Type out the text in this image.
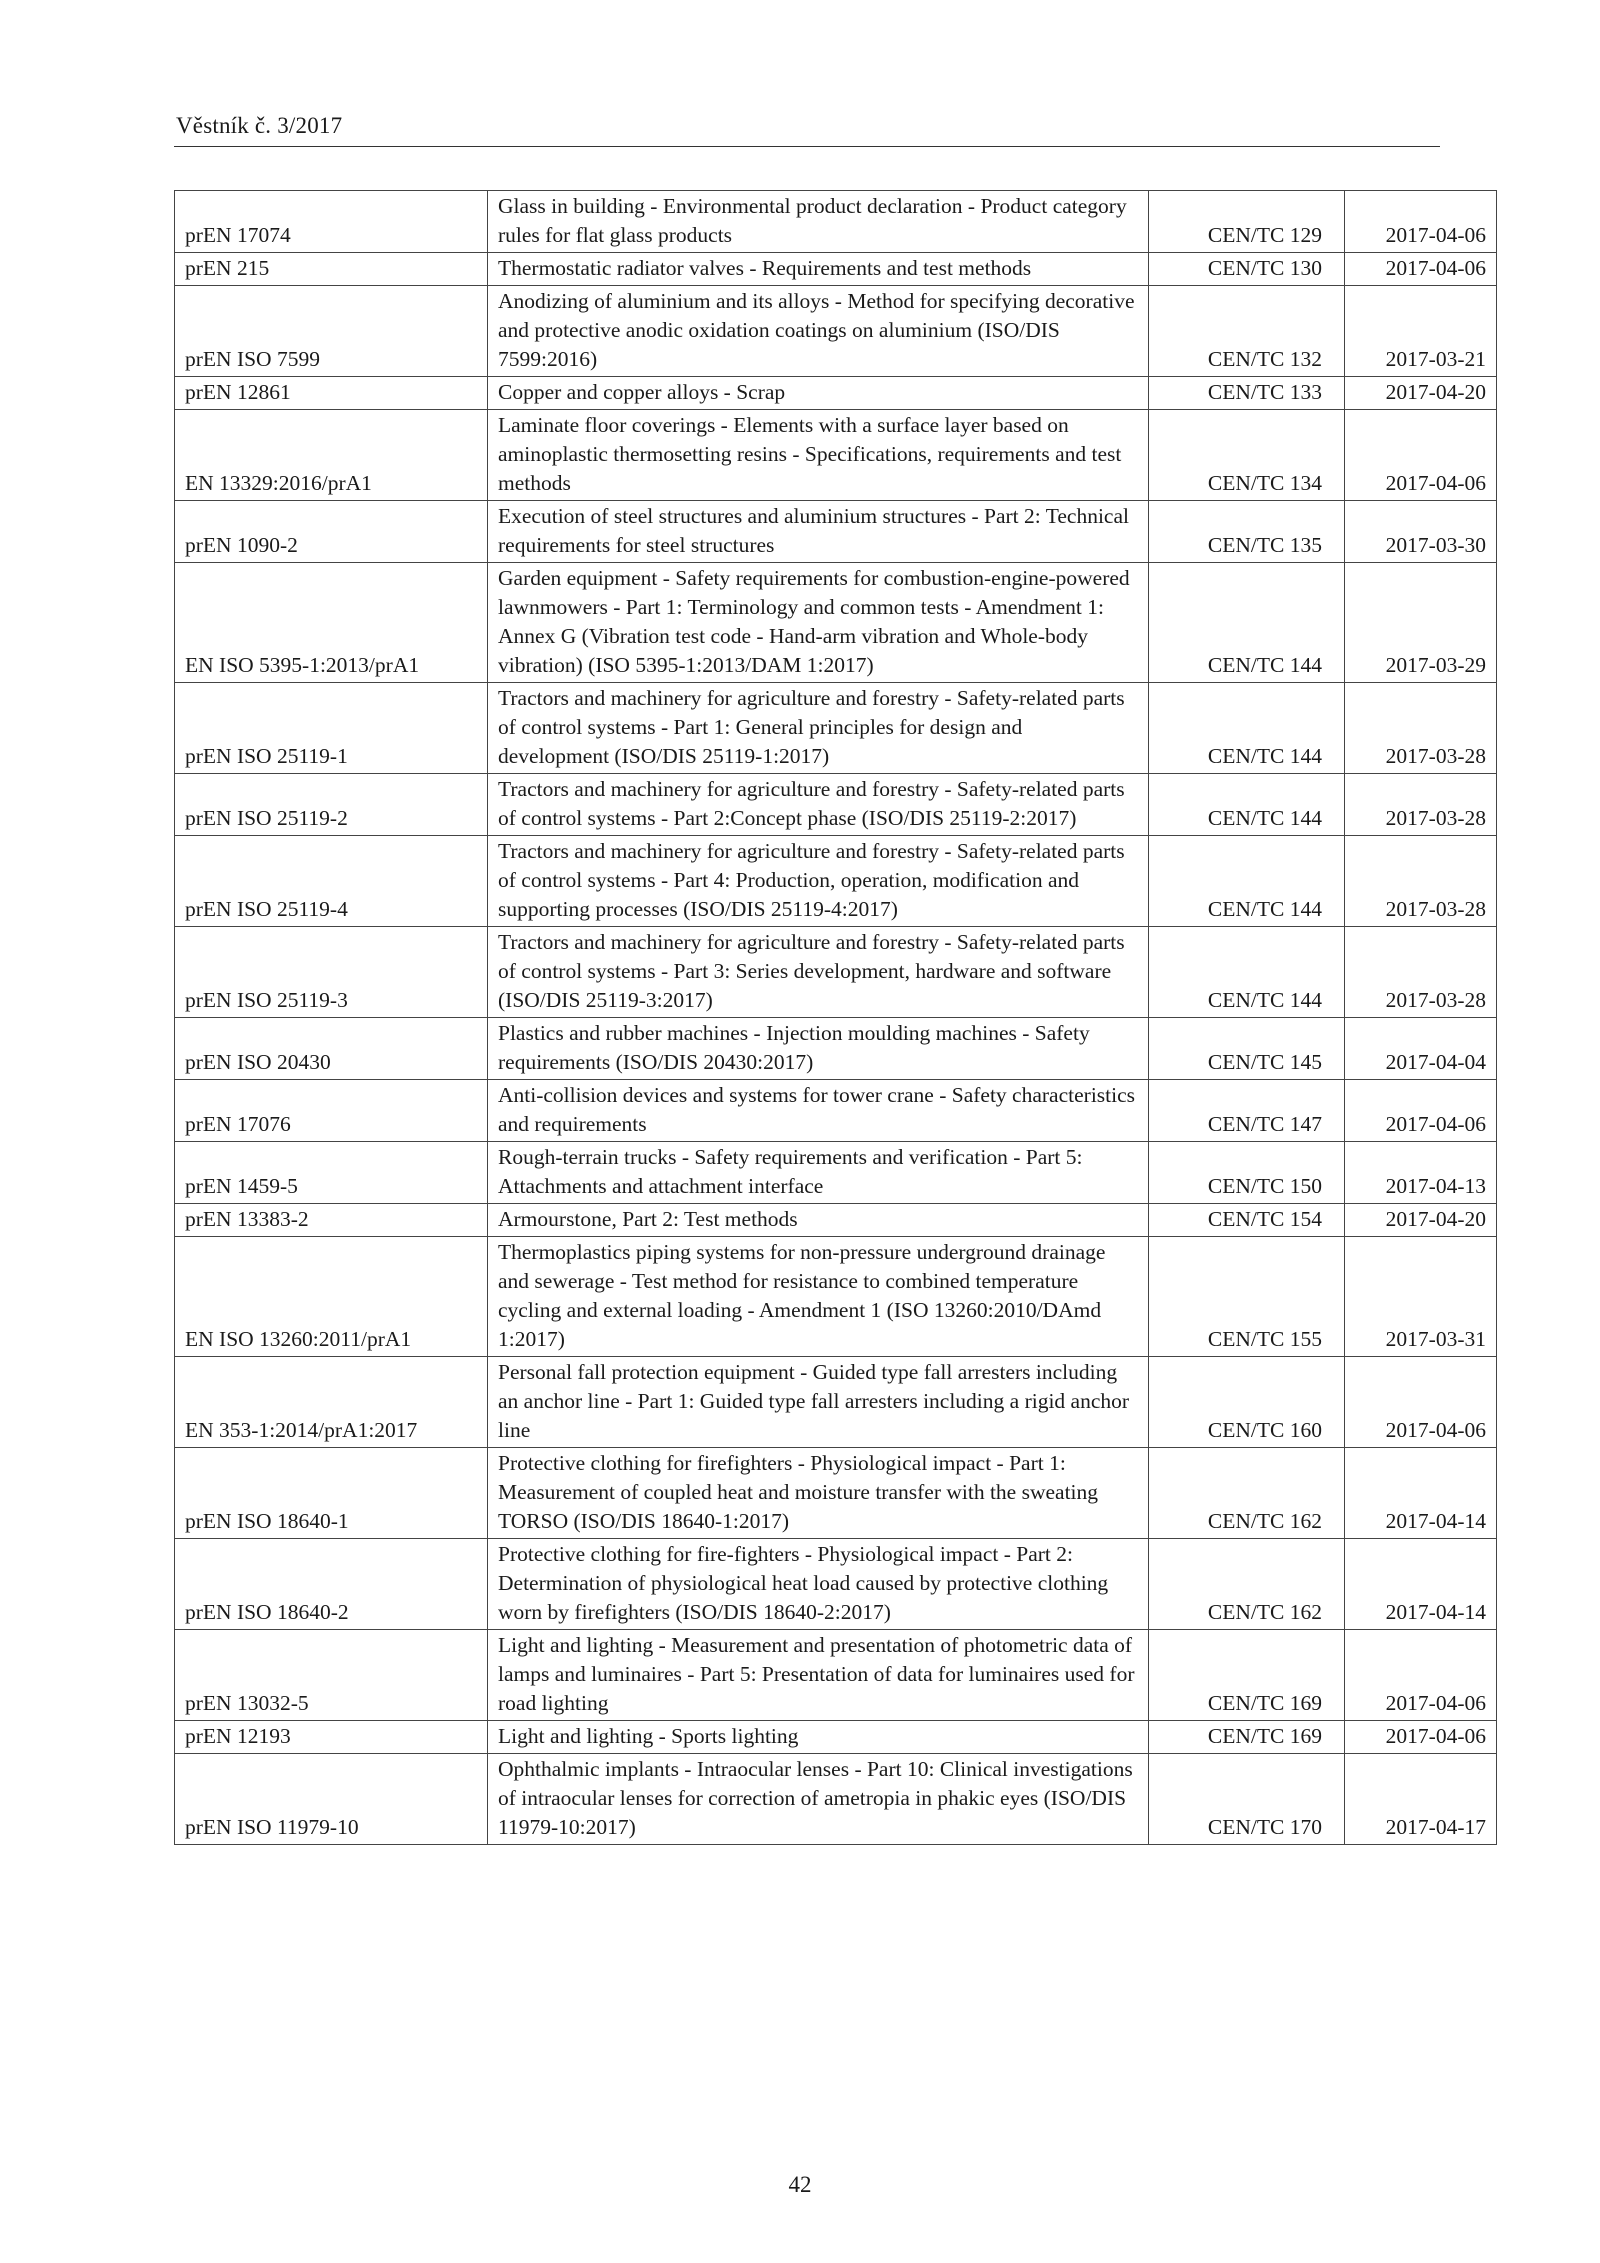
Věstník č. 3/2017
prEN 17074	Glass in building - Environmental product declaration - Product category rules for flat glass products	CEN/TC 129	2017-04-06
prEN 215	Thermostatic radiator valves - Requirements and test methods	CEN/TC 130	2017-04-06
prEN ISO 7599	Anodizing of aluminium and its alloys - Method for specifying decorative and protective anodic oxidation coatings on aluminium (ISO/DIS 7599:2016)	CEN/TC 132	2017-03-21
prEN 12861	Copper and copper alloys - Scrap	CEN/TC 133	2017-04-20
EN 13329:2016/prA1	Laminate floor coverings - Elements with a surface layer based on aminoplastic thermosetting resins - Specifications, requirements and test methods	CEN/TC 134	2017-04-06
prEN 1090-2	Execution of steel structures and aluminium structures - Part 2: Technical requirements for steel structures	CEN/TC 135	2017-03-30
EN ISO 5395-1:2013/prA1	Garden equipment - Safety requirements for combustion-engine-powered lawnmowers - Part 1: Terminology and common tests - Amendment 1: Annex G (Vibration test code - Hand-arm vibration and Whole-body vibration) (ISO 5395-1:2013/DAM 1:2017)	CEN/TC 144	2017-03-29
prEN ISO 25119-1	Tractors and machinery for agriculture and forestry - Safety-related parts of control systems - Part 1: General principles for design and development (ISO/DIS 25119-1:2017)	CEN/TC 144	2017-03-28
prEN ISO 25119-2	Tractors and machinery for agriculture and forestry - Safety-related parts of control systems - Part 2:Concept phase (ISO/DIS 25119-2:2017)	CEN/TC 144	2017-03-28
prEN ISO 25119-4	Tractors and machinery for agriculture and forestry - Safety-related parts of control systems - Part 4: Production, operation, modification and supporting processes (ISO/DIS 25119-4:2017)	CEN/TC 144	2017-03-28
prEN ISO 25119-3	Tractors and machinery for agriculture and forestry - Safety-related parts of control systems - Part 3: Series development, hardware and software (ISO/DIS 25119-3:2017)	CEN/TC 144	2017-03-28
prEN ISO 20430	Plastics and rubber machines - Injection moulding machines - Safety requirements (ISO/DIS 20430:2017)	CEN/TC 145	2017-04-04
prEN 17076	Anti-collision devices and systems for tower crane - Safety characteristics and requirements	CEN/TC 147	2017-04-06
prEN 1459-5	Rough-terrain trucks - Safety requirements and verification - Part 5: Attachments and attachment interface	CEN/TC 150	2017-04-13
prEN 13383-2	Armourstone, Part 2: Test methods	CEN/TC 154	2017-04-20
EN ISO 13260:2011/prA1	Thermoplastics piping systems for non-pressure underground drainage and sewerage - Test method for resistance to combined temperature cycling and external loading - Amendment 1 (ISO 13260:2010/DAmd 1:2017)	CEN/TC 155	2017-03-31
EN 353-1:2014/prA1:2017	Personal fall protection equipment - Guided type fall arresters including an anchor line - Part 1: Guided type fall arresters including a rigid anchor line	CEN/TC 160	2017-04-06
prEN ISO 18640-1	Protective clothing for firefighters - Physiological impact - Part 1: Measurement of coupled heat and moisture transfer with the sweating TORSO (ISO/DIS 18640-1:2017)	CEN/TC 162	2017-04-14
prEN ISO 18640-2	Protective clothing for fire-fighters - Physiological impact - Part 2: Determination of physiological heat load caused by protective clothing worn by firefighters (ISO/DIS 18640-2:2017)	CEN/TC 162	2017-04-14
prEN 13032-5	Light and lighting - Measurement and presentation of photometric data of lamps and luminaires - Part 5: Presentation of data for luminaires used for road lighting	CEN/TC 169	2017-04-06
prEN 12193	Light and lighting - Sports lighting	CEN/TC 169	2017-04-06
prEN ISO 11979-10	Ophthalmic implants - Intraocular lenses - Part 10: Clinical investigations of intraocular lenses for correction of ametropia in phakic eyes (ISO/DIS 11979-10:2017)	CEN/TC 170	2017-04-17
42
